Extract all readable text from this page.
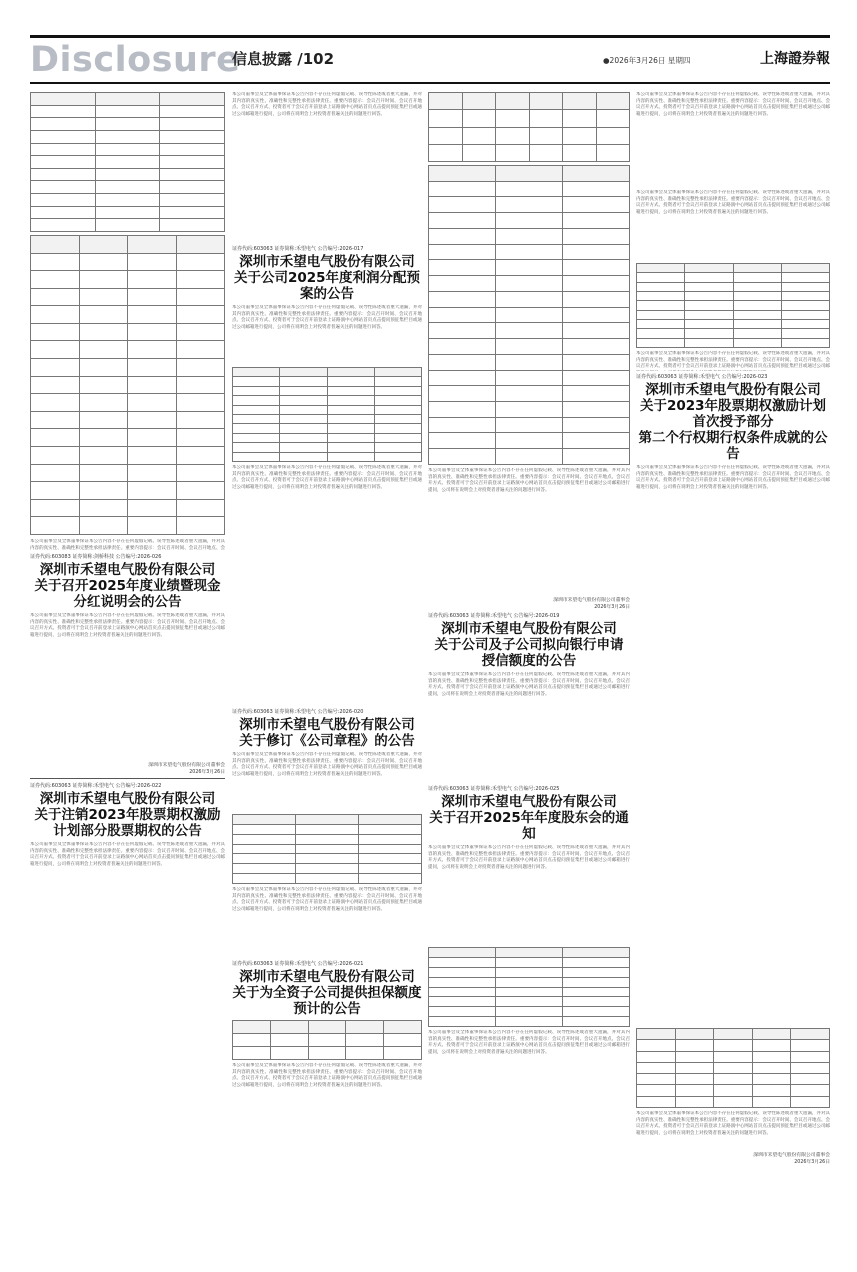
Disclosure
信息披露 /102	●2026年3月26日 星期四	上海證券報

本公司董事会及全体董事保证本公告内容不存在任何虚假记载、误导性陈述或者重大遗漏，并对其内容的真实性、准确性和完整性承担法律责任。重要内容提示：会议召开时间、会议召开地点、会
证券代码:603083 证券简称:剑桥科技 公告编号:2026-026
深圳市禾望电气股份有限公司
关于召开2025年度业绩暨现金分红说明会的公告
本公司董事会及全体董事保证本公告内容不存在任何虚假记载、误导性陈述或者重大遗漏，并对其内容的真实性、准确性和完整性承担法律责任。重要内容提示：会议召开时间、会议召开地点、会议召开方式、投资者可于会议召开前登录上证路演中心网站首页点击提问预征集栏目或通过公司邮箱进行提问，公司将在说明会上对投资者普遍关注的问题进行回答。
深圳市禾望电气股份有限公司董事会
2026年3月26日
证券代码:603063 证券简称:禾望电气 公告编号:2026-022
深圳市禾望电气股份有限公司
关于注销2023年股票期权激励计划部分股票期权的公告
本公司董事会及全体董事保证本公告内容不存在任何虚假记载、误导性陈述或者重大遗漏，并对其内容的真实性、准确性和完整性承担法律责任。重要内容提示：会议召开时间、会议召开地点、会议召开方式、投资者可于会议召开前登录上证路演中心网站首页点击提问预征集栏目或通过公司邮箱进行提问，公司将在说明会上对投资者普遍关注的问题进行回答。
本公司董事会及全体董事保证本公告内容不存在任何虚假记载、误导性陈述或者重大遗漏，并对其内容的真实性、准确性和完整性承担法律责任。重要内容提示：会议召开时间、会议召开地点、会议召开方式、投资者可于会议召开前登录上证路演中心网站首页点击提问预征集栏目或通过公司邮箱进行提问，公司将在说明会上对投资者普遍关注的问题进行回答。
证券代码:603063 证券简称:禾望电气 公告编号:2026-017
深圳市禾望电气股份有限公司
关于公司2025年度利润分配预案的公告
本公司董事会及全体董事保证本公告内容不存在任何虚假记载、误导性陈述或者重大遗漏，并对其内容的真实性、准确性和完整性承担法律责任。重要内容提示：会议召开时间、会议召开地点、会议召开方式、投资者可于会议召开前登录上证路演中心网站首页点击提问预征集栏目或通过公司邮箱进行提问，公司将在说明会上对投资者普遍关注的问题进行回答。

本公司董事会及全体董事保证本公告内容不存在任何虚假记载、误导性陈述或者重大遗漏，并对其内容的真实性、准确性和完整性承担法律责任。重要内容提示：会议召开时间、会议召开地点、会议召开方式、投资者可于会议召开前登录上证路演中心网站首页点击提问预征集栏目或通过公司邮箱进行提问，公司将在说明会上对投资者普遍关注的问题进行回答。
证券代码:603063 证券简称:禾望电气 公告编号:2026-020
深圳市禾望电气股份有限公司
关于修订《公司章程》的公告
本公司董事会及全体董事保证本公告内容不存在任何虚假记载、误导性陈述或者重大遗漏，并对其内容的真实性、准确性和完整性承担法律责任。重要内容提示：会议召开时间、会议召开地点、会议召开方式、投资者可于会议召开前登录上证路演中心网站首页点击提问预征集栏目或通过公司邮箱进行提问，公司将在说明会上对投资者普遍关注的问题进行回答。

本公司董事会及全体董事保证本公告内容不存在任何虚假记载、误导性陈述或者重大遗漏，并对其内容的真实性、准确性和完整性承担法律责任。重要内容提示：会议召开时间、会议召开地点、会议召开方式、投资者可于会议召开前登录上证路演中心网站首页点击提问预征集栏目或通过公司邮箱进行提问，公司将在说明会上对投资者普遍关注的问题进行回答。
证券代码:603063 证券简称:禾望电气 公告编号:2026-021
深圳市禾望电气股份有限公司
关于为全资子公司提供担保额度预计的公告

本公司董事会及全体董事保证本公告内容不存在任何虚假记载、误导性陈述或者重大遗漏，并对其内容的真实性、准确性和完整性承担法律责任。重要内容提示：会议召开时间、会议召开地点、会议召开方式、投资者可于会议召开前登录上证路演中心网站首页点击提问预征集栏目或通过公司邮箱进行提问，公司将在说明会上对投资者普遍关注的问题进行回答。

本公司董事会及全体董事保证本公告内容不存在任何虚假记载、误导性陈述或者重大遗漏，并对其内容的真实性、准确性和完整性承担法律责任。重要内容提示：会议召开时间、会议召开地点、会议召开方式、投资者可于会议召开前登录上证路演中心网站首页点击提问预征集栏目或通过公司邮箱进行提问，公司将在说明会上对投资者普遍关注的问题进行回答。
深圳市禾望电气股份有限公司董事会
2026年3月26日
证券代码:603063 证券简称:禾望电气 公告编号:2026-019
深圳市禾望电气股份有限公司
关于公司及子公司拟向银行申请授信额度的公告
本公司董事会及全体董事保证本公告内容不存在任何虚假记载、误导性陈述或者重大遗漏，并对其内容的真实性、准确性和完整性承担法律责任。重要内容提示：会议召开时间、会议召开地点、会议召开方式、投资者可于会议召开前登录上证路演中心网站首页点击提问预征集栏目或通过公司邮箱进行提问，公司将在说明会上对投资者普遍关注的问题进行回答。
证券代码:603063 证券简称:禾望电气 公告编号:2026-025
深圳市禾望电气股份有限公司
关于召开2025年年度股东会的通知
本公司董事会及全体董事保证本公告内容不存在任何虚假记载、误导性陈述或者重大遗漏，并对其内容的真实性、准确性和完整性承担法律责任。重要内容提示：会议召开时间、会议召开地点、会议召开方式、投资者可于会议召开前登录上证路演中心网站首页点击提问预征集栏目或通过公司邮箱进行提问，公司将在说明会上对投资者普遍关注的问题进行回答。

本公司董事会及全体董事保证本公告内容不存在任何虚假记载、误导性陈述或者重大遗漏，并对其内容的真实性、准确性和完整性承担法律责任。重要内容提示：会议召开时间、会议召开地点、会议召开方式、投资者可于会议召开前登录上证路演中心网站首页点击提问预征集栏目或通过公司邮箱进行提问，公司将在说明会上对投资者普遍关注的问题进行回答。
本公司董事会及全体董事保证本公告内容不存在任何虚假记载、误导性陈述或者重大遗漏，并对其内容的真实性、准确性和完整性承担法律责任。重要内容提示：会议召开时间、会议召开地点、会议召开方式、投资者可于会议召开前登录上证路演中心网站首页点击提问预征集栏目或通过公司邮箱进行提问，公司将在说明会上对投资者普遍关注的问题进行回答。
本公司董事会及全体董事保证本公告内容不存在任何虚假记载、误导性陈述或者重大遗漏，并对其内容的真实性、准确性和完整性承担法律责任。重要内容提示：会议召开时间、会议召开地点、会议召开方式、投资者可于会议召开前登录上证路演中心网站首页点击提问预征集栏目或通过公司邮箱进行提问，公司将在说明会上对投资者普遍关注的问题进行回答。

本公司董事会及全体董事保证本公告内容不存在任何虚假记载、误导性陈述或者重大遗漏，并对其内容的真实性、准确性和完整性承担法律责任。重要内容提示：会议召开时间、会议召开地点、会议召开方式、投资者可于会议召开前登录上证路演中心网站首页点击提问预征集栏目或通过公司邮
证券代码:603063 证券简称:禾望电气 公告编号:2026-023
深圳市禾望电气股份有限公司
关于2023年股票期权激励计划首次授予部分
第二个行权期行权条件成就的公告
本公司董事会及全体董事保证本公告内容不存在任何虚假记载、误导性陈述或者重大遗漏，并对其内容的真实性、准确性和完整性承担法律责任。重要内容提示：会议召开时间、会议召开地点、会议召开方式、投资者可于会议召开前登录上证路演中心网站首页点击提问预征集栏目或通过公司邮箱进行提问，公司将在说明会上对投资者普遍关注的问题进行回答。

本公司董事会及全体董事保证本公告内容不存在任何虚假记载、误导性陈述或者重大遗漏，并对其内容的真实性、准确性和完整性承担法律责任。重要内容提示：会议召开时间、会议召开地点、会议召开方式、投资者可于会议召开前登录上证路演中心网站首页点击提问预征集栏目或通过公司邮箱进行提问，公司将在说明会上对投资者普遍关注的问题进行回答。
深圳市禾望电气股份有限公司董事会
2026年3月26日
